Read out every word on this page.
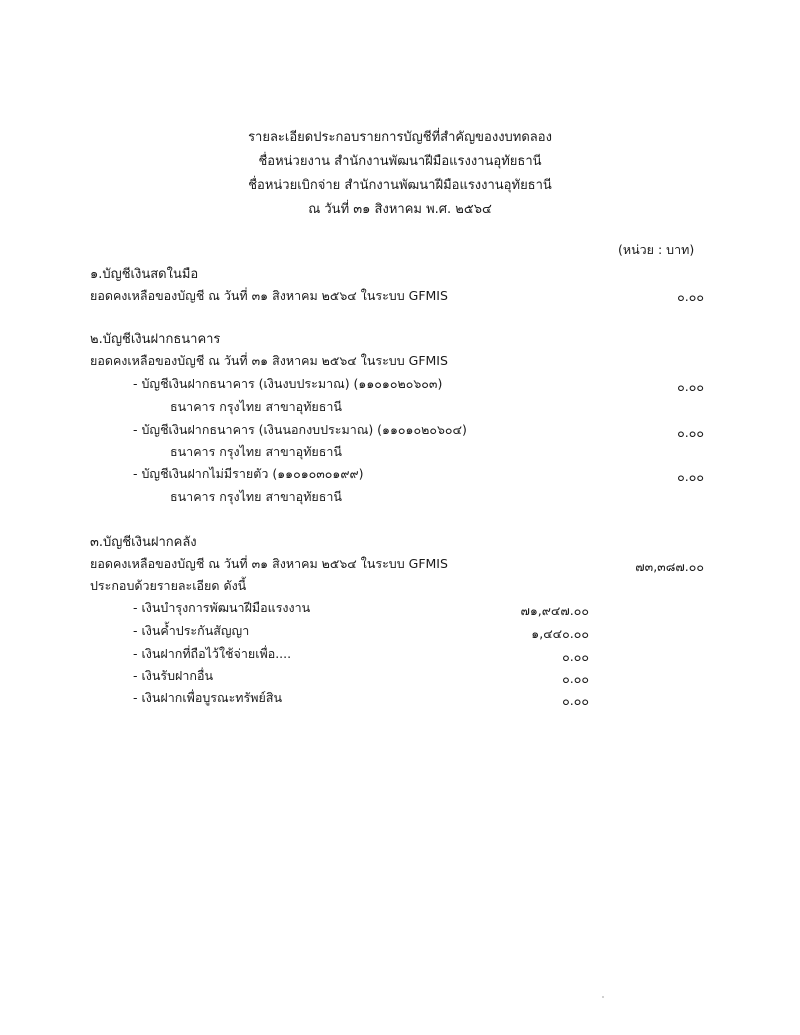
รายละเอียดประกอบรายการบัญชีที่สำคัญของงบทดลอง
ชื่อหน่วยงาน สำนักงานพัฒนาฝีมือแรงงานอุทัยธานี
ชื่อหน่วยเบิกจ่าย สำนักงานพัฒนาฝีมือแรงงานอุทัยธานี
ณ วันที่ ๓๑ สิงหาคม พ.ศ. ๒๕๖๔
(หน่วย : บาท)
๑.บัญชีเงินสดในมือ
ยอดคงเหลือของบัญชี ณ วันที่ ๓๑ สิงหาคม ๒๕๖๔ ในระบบ GFMIS	๐.๐๐
๒.บัญชีเงินฝากธนาคาร
ยอดคงเหลือของบัญชี ณ วันที่ ๓๑ สิงหาคม ๒๕๖๔ ในระบบ GFMIS
- บัญชีเงินฝากธนาคาร (เงินงบประมาณ) (๑๑๐๑๐๒๐๖๐๓)	๐.๐๐
ธนาคาร กรุงไทย สาขาอุทัยธานี
- บัญชีเงินฝากธนาคาร (เงินนอกงบประมาณ) (๑๑๐๑๐๒๐๖๐๔)	๐.๐๐
ธนาคาร กรุงไทย สาขาอุทัยธานี
- บัญชีเงินฝากไม่มีรายตัว (๑๑๐๑๐๓๐๑๙๙)	๐.๐๐
ธนาคาร กรุงไทย สาขาอุทัยธานี
๓.บัญชีเงินฝากคลัง
ยอดคงเหลือของบัญชี ณ วันที่ ๓๑ สิงหาคม ๒๕๖๔ ในระบบ GFMIS	๗๓,๓๘๗.๐๐
ประกอบด้วยรายละเอียด ดังนี้
- เงินบำรุงการพัฒนาฝีมือแรงงาน	๗๑,๙๔๗.๐๐
- เงินค้ำประกันสัญญา	๑,๔๔๐.๐๐
- เงินฝากที่ถือไว้ใช้จ่ายเพื่อ....	๐.๐๐
- เงินรับฝากอื่น	๐.๐๐
- เงินฝากเพื่อบูรณะทรัพย์สิน	๐.๐๐
